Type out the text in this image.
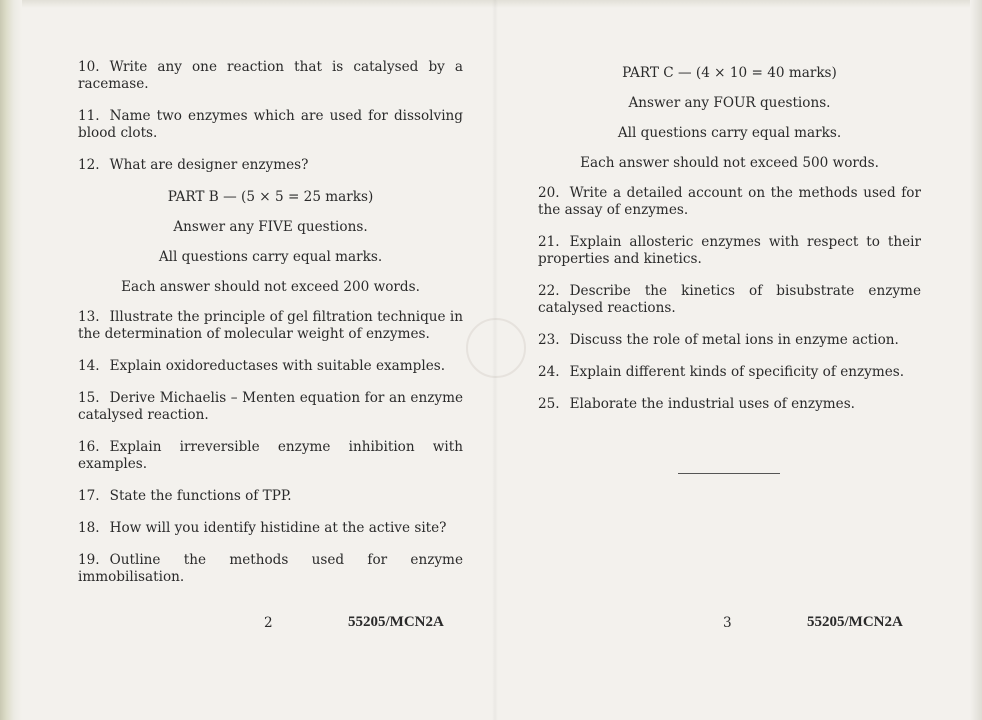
10. Write any one reaction that is catalysed by a racemase.
11. Name two enzymes which are used for dissolving blood clots.
12. What are designer enzymes?
PART B — (5 × 5 = 25 marks)
Answer any FIVE questions.
All questions carry equal marks.
Each answer should not exceed 200 words.
13. Illustrate the principle of gel filtration technique in the determination of molecular weight of enzymes.
14. Explain oxidoreductases with suitable examples.
15. Derive Michaelis – Menten equation for an enzyme catalysed reaction.
16. Explain irreversible enzyme inhibition with examples.
17. State the functions of TPP.
18. How will you identify histidine at the active site?
19. Outline the methods used for enzyme immobilisation.
PART C — (4 × 10 = 40 marks)
Answer any FOUR questions.
All questions carry equal marks.
Each answer should not exceed 500 words.
20. Write a detailed account on the methods used for the assay of enzymes.
21. Explain allosteric enzymes with respect to their properties and kinetics.
22. Describe the kinetics of bisubstrate enzyme catalysed reactions.
23. Discuss the role of metal ions in enzyme action.
24. Explain different kinds of specificity of enzymes.
25. Elaborate the industrial uses of enzymes.
2	55205/MCN2A	3	55205/MCN2A
